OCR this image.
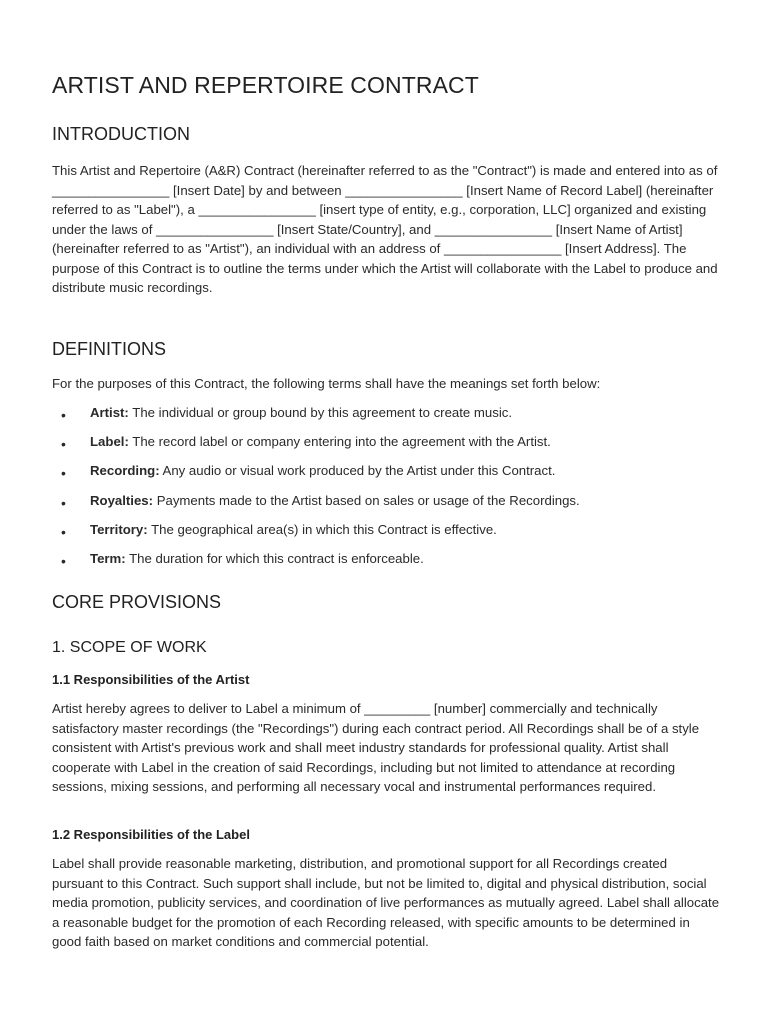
ARTIST AND REPERTOIRE CONTRACT
INTRODUCTION

This Artist and Repertoire (A&R) Contract (hereinafter referred to as the "Contract") is made and entered into as of ________________ [Insert Date] by and between ________________ [Insert Name of Record Label] (hereinafter referred to as "Label"), a ________________ [insert type of entity, e.g., corporation, LLC] organized and existing under the laws of ________________ [Insert State/Country], and ________________ [Insert Name of Artist] (hereinafter referred to as "Artist"), an individual with an address of ________________ [Insert Address]. The purpose of this Contract is to outline the terms under which the Artist will collaborate with the Label to produce and distribute music recordings.

DEFINITIONS

For the purposes of this Contract, the following terms shall have the meanings set forth below:

• Artist: The individual or group bound by this agreement to create music.
• Label: The record label or company entering into the agreement with the Artist.
• Recording: Any audio or visual work produced by the Artist under this Contract.
• Royalties: Payments made to the Artist based on sales or usage of the Recordings.
• Territory: The geographical area(s) in which this Contract is effective.
• Term: The duration for which this contract is enforceable.
CORE PROVISIONS
1. SCOPE OF WORK
1.1 Responsibilities of the Artist

Artist hereby agrees to deliver to Label a minimum of _________ [number] commercially and technically satisfactory master recordings (the "Recordings") during each contract period. All Recordings shall be of a style consistent with Artist's previous work and shall meet industry standards for professional quality. Artist shall cooperate with Label in the creation of said Recordings, including but not limited to attendance at recording sessions, mixing sessions, and performing all necessary vocal and instrumental performances required.

1.2 Responsibilities of the Label

Label shall provide reasonable marketing, distribution, and promotional support for all Recordings created pursuant to this Contract. Such support shall include, but not be limited to, digital and physical distribution, social media promotion, publicity services, and coordination of live performances as mutually agreed. Label shall allocate a reasonable budget for the promotion of each Recording released, with specific amounts to be determined in good faith based on market conditions and commercial potential.
